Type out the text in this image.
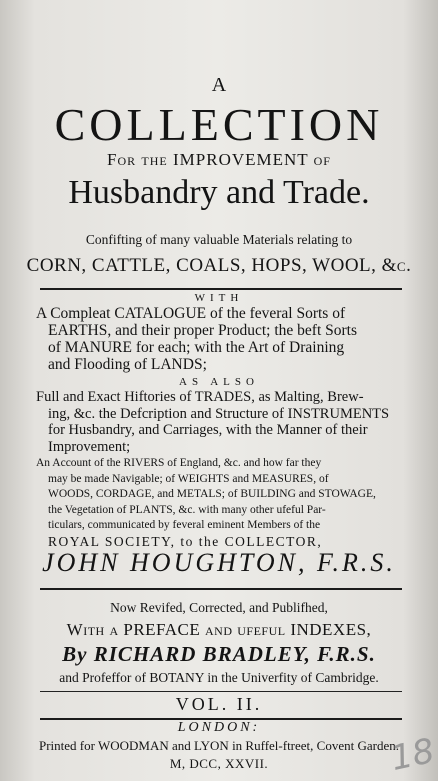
A
COLLECTION
For the IMPROVEMENT of
Husbandry and Trade.
Confifting of many valuable Materials relating to
CORN, CATTLE, COALS, HOPS, WOOL, &c.
WITH
A Compleat CATALOGUE of the feveral Sorts of
EARTHS, and their proper Product; the beft Sorts
of MANURE for each; with the Art of Draining
and Flooding of LANDS;
AS ALSO
Full and Exact Hiftories of TRADES, as Malting, Brew-
ing, &c. the Defcription and Structure of INSTRUMENTS
for Husbandry, and Carriages, with the Manner of their
Improvement;
An Account of the RIVERS of England, &c. and how far they
may be made Navigable; of WEIGHTS and MEASURES, of
WOODS, CORDAGE, and METALS; of BUILDING and STOWAGE,
the Vegetation of PLANTS, &c. with many other ufeful Par-
ticulars, communicated by feveral eminent Members of the
ROYAL SOCIETY, to the COLLECTOR,
JOHN HOUGHTON, F.R.S.
Now Revifed, Corrected, and Publifhed,
With a PREFACE and ufeful INDEXES,
By RICHARD BRADLEY, F.R.S.
and Profeffor of BOTANY in the Univerfity of Cambridge.
VOL. II.
LONDON:
Printed for WOODMAN and LYON in Ruffel-ftreet, Covent Garden.
M, DCC, XXVII.	18
